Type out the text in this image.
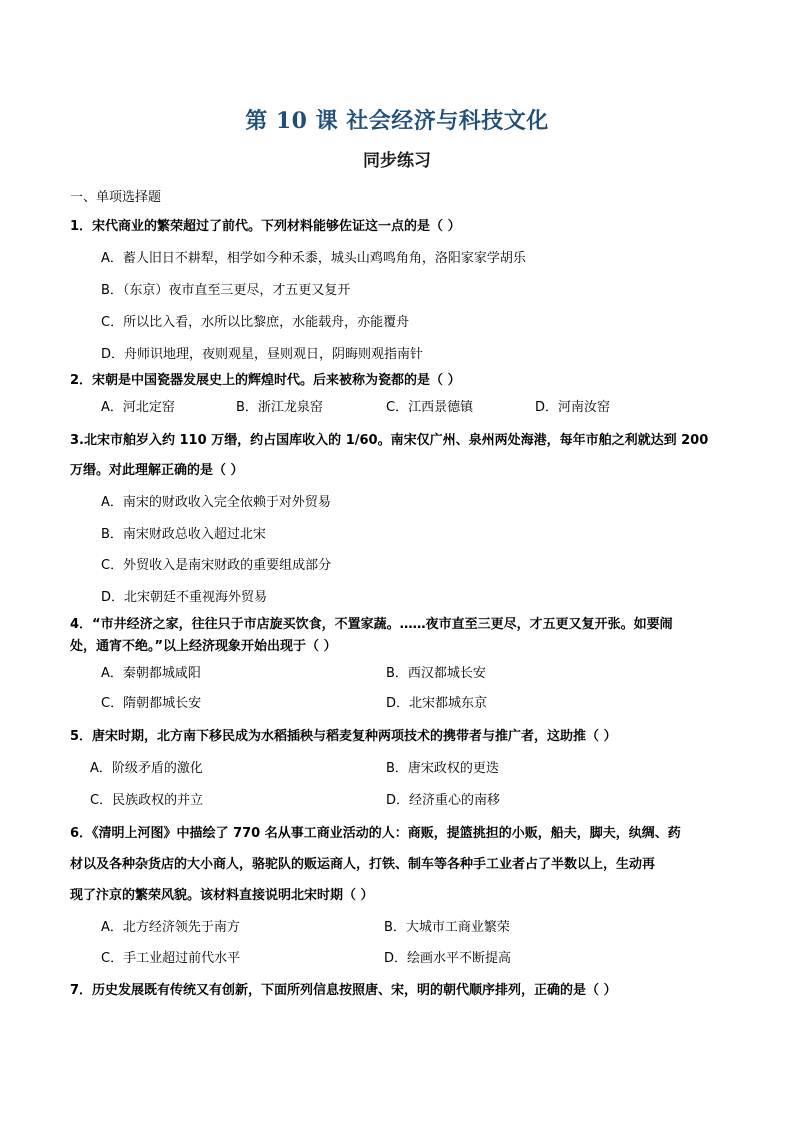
第 10 课 社会经济与科技文化
同步练习
一、单项选择题
1．宋代商业的繁荣超过了前代。下列材料能够佐证这一点的是（ ）
A．蓄人旧日不耕犁，相学如今种禾黍，城头山鸡鸣角角，洛阳家家学胡乐
B．（东京）夜市直至三更尽，才五更又复开
C．所以比入看，水所以比黎庶，水能载舟，亦能覆舟
D．舟师识地理，夜则观星，昼则观日，阴晦则观指南针
2．宋朝是中国瓷器发展史上的辉煌时代。后来被称为瓷都的是（ ）
A．河北定窑	B．浙江龙泉窑	C．江西景德镇	D．河南汝窑
3.北宋市舶岁入约 110 万缗，约占国库收入的 1/60。南宋仅广州、泉州两处海港，每年市舶之利就达到 200
万缗。对此理解正确的是（ ）
A．南宋的财政收入完全依赖于对外贸易
B．南宋财政总收入超过北宋
C．外贸收入是南宋财政的重要组成部分
D．北宋朝廷不重视海外贸易
4．“市井经济之家，往往只于市店旋买饮食，不置家蔬。……夜市直至三更尽，才五更又复开张。如要闹
处，通宵不绝。”以上经济现象开始出现于（ ）
A．秦朝都城咸阳	B．西汉都城长安
C．隋朝都城长安	D．北宋都城东京
5．唐宋时期，北方南下移民成为水稻插秧与稻麦复种两项技术的携带者与推广者，这助推（ ）
A．阶级矛盾的激化	B．唐宋政权的更迭
C．民族政权的并立	D．经济重心的南移
6．《清明上河图》中描绘了 770 名从事工商业活动的人：商贩，提篮挑担的小贩，船夫，脚夫，纨绸、药
材以及各种杂货店的大小商人，骆驼队的贩运商人，打铁、制车等各种手工业者占了半数以上，生动再
现了汴京的繁荣风貌。该材料直接说明北宋时期（ ）
A．北方经济领先于南方	B．大城市工商业繁荣
C．手工业超过前代水平	D．绘画水平不断提高
7．历史发展既有传统又有创新，下面所列信息按照唐、宋，明的朝代顺序排列，正确的是（ ）
